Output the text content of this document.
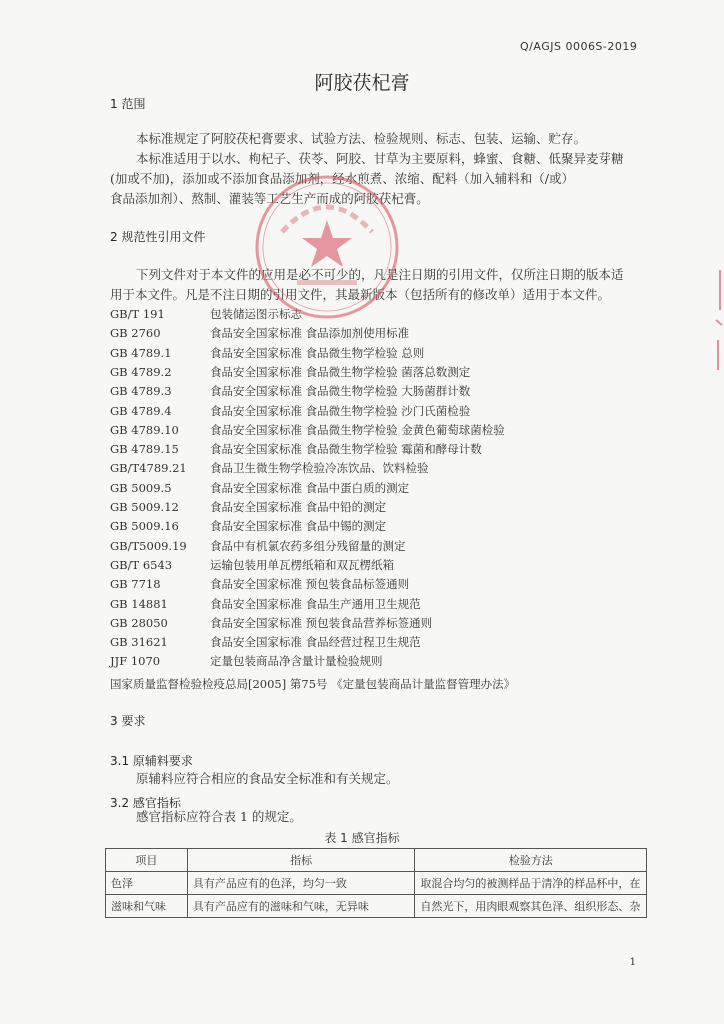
Q/AGJS 0006S-2019
阿胶茯杞膏
1 范围
本标准规定了阿胶茯杞膏要求、试验方法、检验规则、标志、包装、运输、贮存。
本标准适用于以水、枸杞子、茯苓、阿胶、甘草为主要原料，蜂蜜、食糖、低聚异麦芽糖
(加或不加)，添加或不添加食品添加剂，经水煎煮、浓缩、配料（加入辅料和（/或）
食品添加剂）、熬制、灌装等工艺生产而成的阿胶茯杞膏。
2 规范性引用文件
下列文件对于本文件的应用是必不可少的，凡是注日期的引用文件，仅所注日期的版本适
用于本文件。凡是不注日期的引用文件，其最新版本（包括所有的修改单）适用于本文件。
GB/T 191	包装储运图示标志
GB 2760	食品安全国家标准 食品添加剂使用标准
GB 4789.1	食品安全国家标准 食品微生物学检验 总则
GB 4789.2	食品安全国家标准 食品微生物学检验 菌落总数测定
GB 4789.3	食品安全国家标准 食品微生物学检验 大肠菌群计数
GB 4789.4	食品安全国家标准 食品微生物学检验 沙门氏菌检验
GB 4789.10	食品安全国家标准 食品微生物学检验 金黄色葡萄球菌检验
GB 4789.15	食品安全国家标准 食品微生物学检验 霉菌和酵母计数
GB/T4789.21 食品卫生微生物学检验冷冻饮品、饮料检验
GB 5009.5	食品安全国家标准 食品中蛋白质的测定
GB 5009.12	食品安全国家标准 食品中铅的测定
GB 5009.16	食品安全国家标准 食品中锡的测定
GB/T5009.19 食品中有机氯农药多组分残留量的测定
GB/T 6543	运输包装用单瓦楞纸箱和双瓦楞纸箱
GB 7718	食品安全国家标准 预包装食品标签通则
GB 14881	食品安全国家标准 食品生产通用卫生规范
GB 28050	食品安全国家标准 预包装食品营养标签通则
GB 31621	食品安全国家标准 食品经营过程卫生规范
JJF 1070	定量包装商品净含量计量检验规则
国家质量监督检验检疫总局[2005] 第75号 《定量包装商品计量监督管理办法》
3 要求
3.1 原辅料要求
原辅料应符合相应的食品安全标准和有关规定。
3.2 感官指标
感官指标应符合表 1 的规定。
表 1 感官指标
项目	指标	检验方法
色泽	具有产品应有的色泽，均匀一致	取混合均匀的被测样品于清净的样品杯中，在
滋味和气味	具有产品应有的滋味和气味，无异味	自然光下，用肉眼观察其色泽、组织形态、杂
1
